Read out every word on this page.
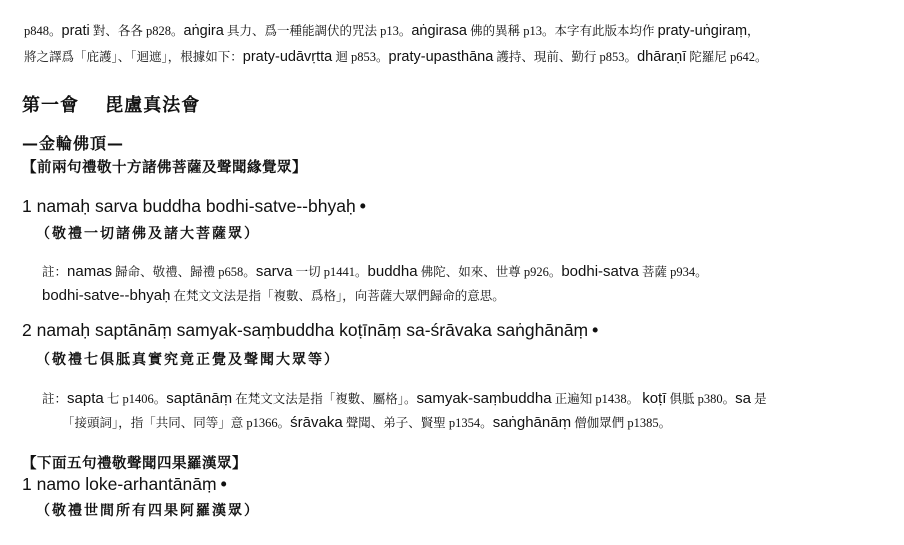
p848。prati 對、各各 p828。aṅgira 具力、爲一種能調伏的咒法 p13。aṅgirasa 佛的異稱 p13。本字有此版本均作 praty-uṅgiraṃ，
將之譯爲「庇護」、「迴遮」，根據如下：praty-udāvṛtta 迴 p853。praty-upasthāna 護持、現前、勤行 p853。dhāraṇī 陀羅尼 p642。
第一會　 毘盧真法會
—金輪佛頂—
【前兩句禮敬十方諸佛菩薩及聲聞緣覺眾】
1 namaḥ sarva buddha bodhi-satve--bhyaḥ •
（敬禮一切諸佛及諸大菩薩眾）
註：namas 歸命、敬禮、歸禮 p658。sarva 一切 p1441。buddha 佛陀、如來、世尊 p926。bodhi-satva 菩薩 p934。
bodhi-satve--bhyaḥ 在梵文文法是指「複數、爲格」，向菩薩大眾們歸命的意思。
2 namaḥ saptānāṃ samyak-saṃbuddha koṭīnāṃ sa-śrāvaka saṅghānāṃ •
（敬禮七俱胝真實究竟正覺及聲聞大眾等）
註：sapta 七 p1406。saptānāṃ 在梵文文法是指「複數、屬格」。samyak-saṃbuddha 正遍知 p1438。 koṭī 俱胝 p380。sa 是
「接頭詞」，指「共同、同等」意 p1366。śrāvaka 聲聞、弟子、賢聖 p1354。saṅghānāṃ 僧伽眾們 p1385。
【下面五句禮敬聲聞四果羅漢眾】
1 namo loke-arhantānāṃ •
（敬禮世間所有四果阿羅漢眾）
